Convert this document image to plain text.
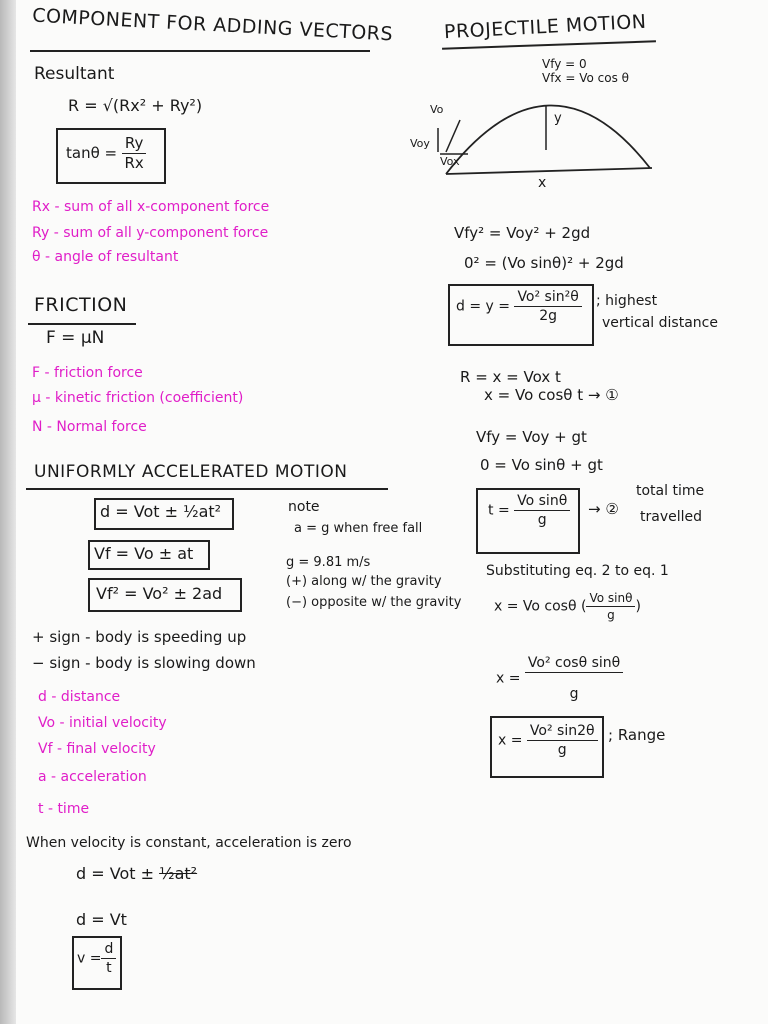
COMPONENT FOR ADDING VECTORS
Resultant
R = √(Rx² + Ry²)
$\tan\theta = \frac{Ry}{Rx}$
Rx - sum of all x-component force
Ry - sum of all y-component force
θ - angle of resultant
FRICTION
F = μN
F - friction force
μ - kinetic friction (coefficient)
N - Normal force
UNIFORMLY ACCELERATED MOTION
d = Vot ± ½at²
Vf = Vo ± at
Vf² = Vo² ± 2ad
note
a = g when free fall
g = 9.81 m/s
(+) along w/ the gravity
(−) opposite w/ the gravity
+ sign - body is speeding up
− sign - body is slowing down
d - distance
Vo - initial velocity
Vf - final velocity
a - acceleration
t - time
When velocity is constant, acceleration is zero
d = Vot ± ½at²
d = Vt
$v = \frac{d}{t}$
PROJECTILE MOTION
Vfy = 0
Vfx = Vo cos θ
Vo
Voy
Vox
y
x
Vfy² = Voy² + 2gd
0² = (Vo sinθ)² + 2gd
$d = y = \frac{\text{Vo² sin²θ}}{2g}$ ; highest
vertical distance
R = x = Vox t
x = Vo cosθ t → ①
Vfy = Voy + gt
0 = Vo sinθ + gt
$t = \frac{\text{Vo sinθ}}{g}$ → ②
total time
travelled
Substituting eq. 2 to eq. 1
x = Vo cosθ ( $\frac{\text{Vo sinθ}}{g}$ )
$x = \frac{\text{Vo² cosθ sinθ}}{g}$
$x = \frac{\text{Vo² sin2θ}}{g}$ ; Range
